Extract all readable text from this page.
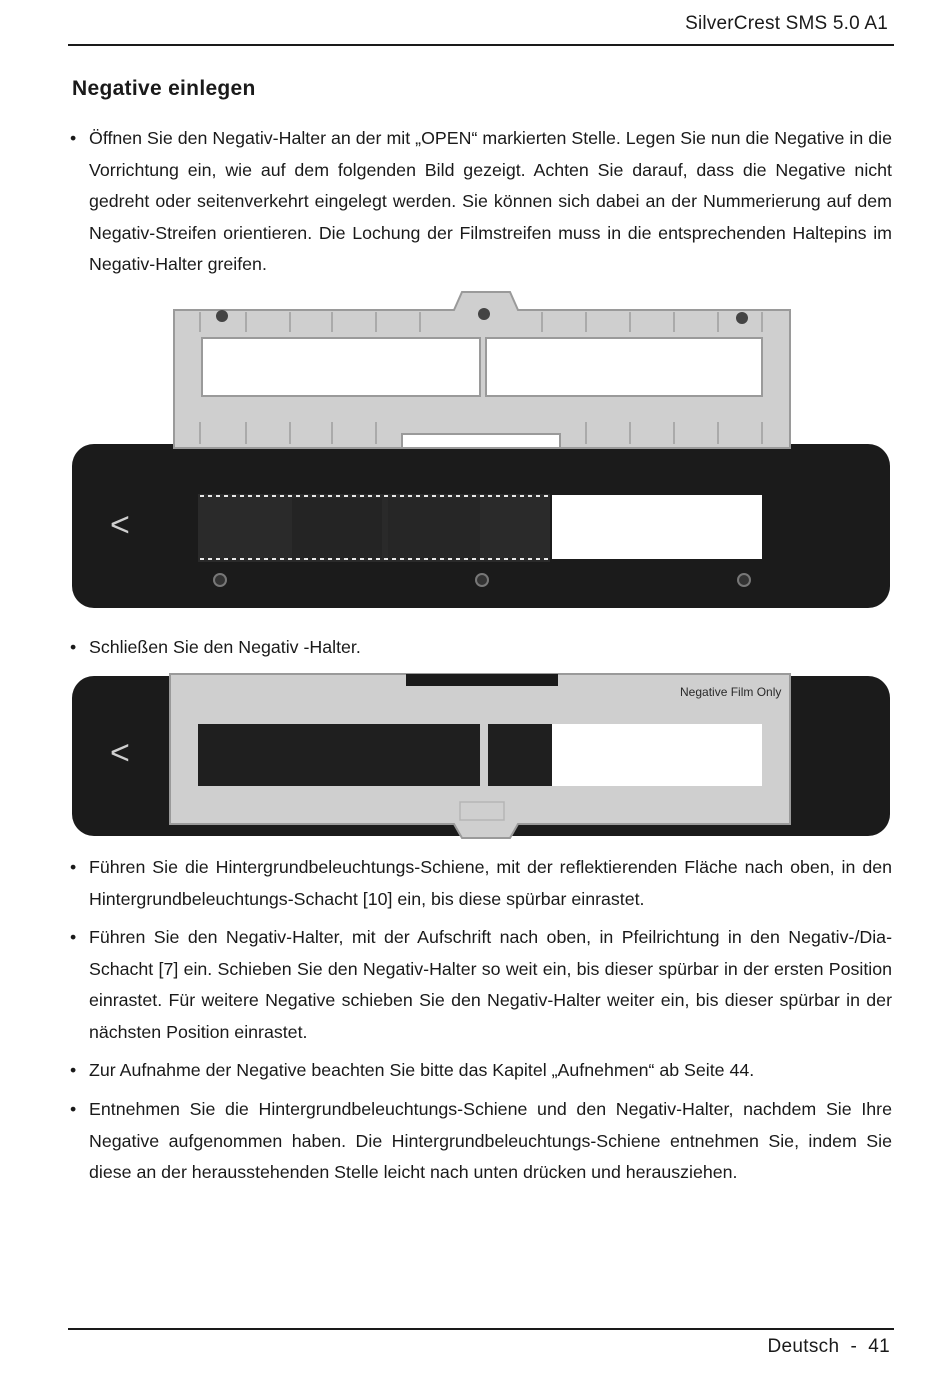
SilverCrest SMS 5.0 A1
Negative einlegen
• Öffnen Sie den Negativ-Halter an der mit „OPEN“ markierten Stelle. Legen Sie nun die Negative in die Vorrichtung ein, wie auf dem folgenden Bild gezeigt. Achten Sie darauf, dass die Negative nicht gedreht oder seitenverkehrt eingelegt werden. Sie können sich dabei an der Nummerierung auf dem Negativ-Streifen orientieren. Die Lochung der Filmstreifen muss in die entsprechenden Haltepins im Negativ-Halter greifen.
<
• Schließen Sie den Negativ -Halter.
Negative Film Only
<
• Führen Sie die Hintergrundbeleuchtungs-Schiene, mit der reflektierenden Fläche nach oben, in den Hintergrundbeleuchtungs-Schacht [10] ein, bis diese spürbar einrastet.
• Führen Sie den Negativ-Halter, mit der Aufschrift nach oben, in Pfeilrichtung in den Negativ-/Dia-Schacht [7] ein. Schieben Sie den Negativ-Halter so weit ein, bis dieser spürbar in der ersten Position einrastet. Für weitere Negative schieben Sie den Negativ-Halter weiter ein, bis dieser spürbar in der nächsten Position einrastet.
• Zur Aufnahme der Negative beachten Sie bitte das Kapitel „Aufnehmen“ ab Seite 44.
• Entnehmen Sie die Hintergrundbeleuchtungs-Schiene und den Negativ-Halter, nachdem Sie Ihre Negative aufgenommen haben. Die Hintergrundbeleuchtungs-Schiene entnehmen Sie, indem Sie diese an der herausstehenden Stelle leicht nach unten drücken und herausziehen.
Deutsch  -  41
